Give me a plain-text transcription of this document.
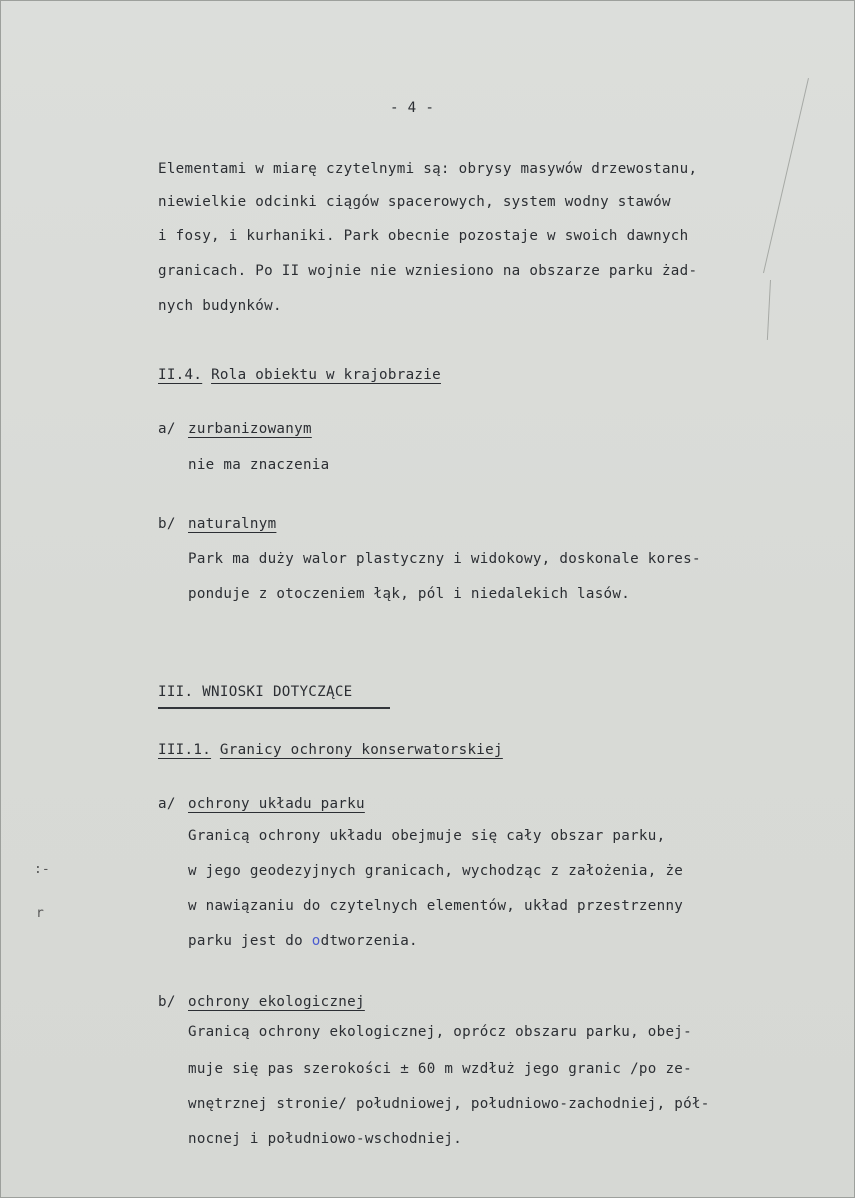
- 4 -
Elementami w miarę czytelnymi są: obrysy masywów drzewostanu,
niewielkie odcinki ciągów spacerowych, system wodny stawów
i fosy, i kurhaniki. Park obecnie pozostaje w swoich dawnych
granicach. Po II wojnie nie wzniesiono na obszarze parku żad-
nych budynków.
II.4. Rola obiektu w krajobrazie
a/ zurbanizowanym
nie ma znaczenia
b/ naturalnym
Park ma duży walor plastyczny i widokowy, doskonale kores-
ponduje z otoczeniem łąk, pól i niedalekich lasów.
III. WNIOSKI DOTYCZĄCE
III.1. Granicy ochrony konserwatorskiej
a/ ochrony układu parku
Granicą ochrony układu obejmuje się cały obszar parku,
w jego geodezyjnych granicach, wychodząc z założenia, że
w nawiązaniu do czytelnych elementów, układ przestrzenny
parku jest do odtworzenia.
b/ ochrony ekologicznej
Granicą ochrony ekologicznej, oprócz obszaru parku, obej-
muje się pas szerokości ± 60 m wzdłuż jego granic /po ze-
wnętrznej stronie/ południowej, południowo-zachodniej, pół-
nocnej i południowo-wschodniej.
:-
r
